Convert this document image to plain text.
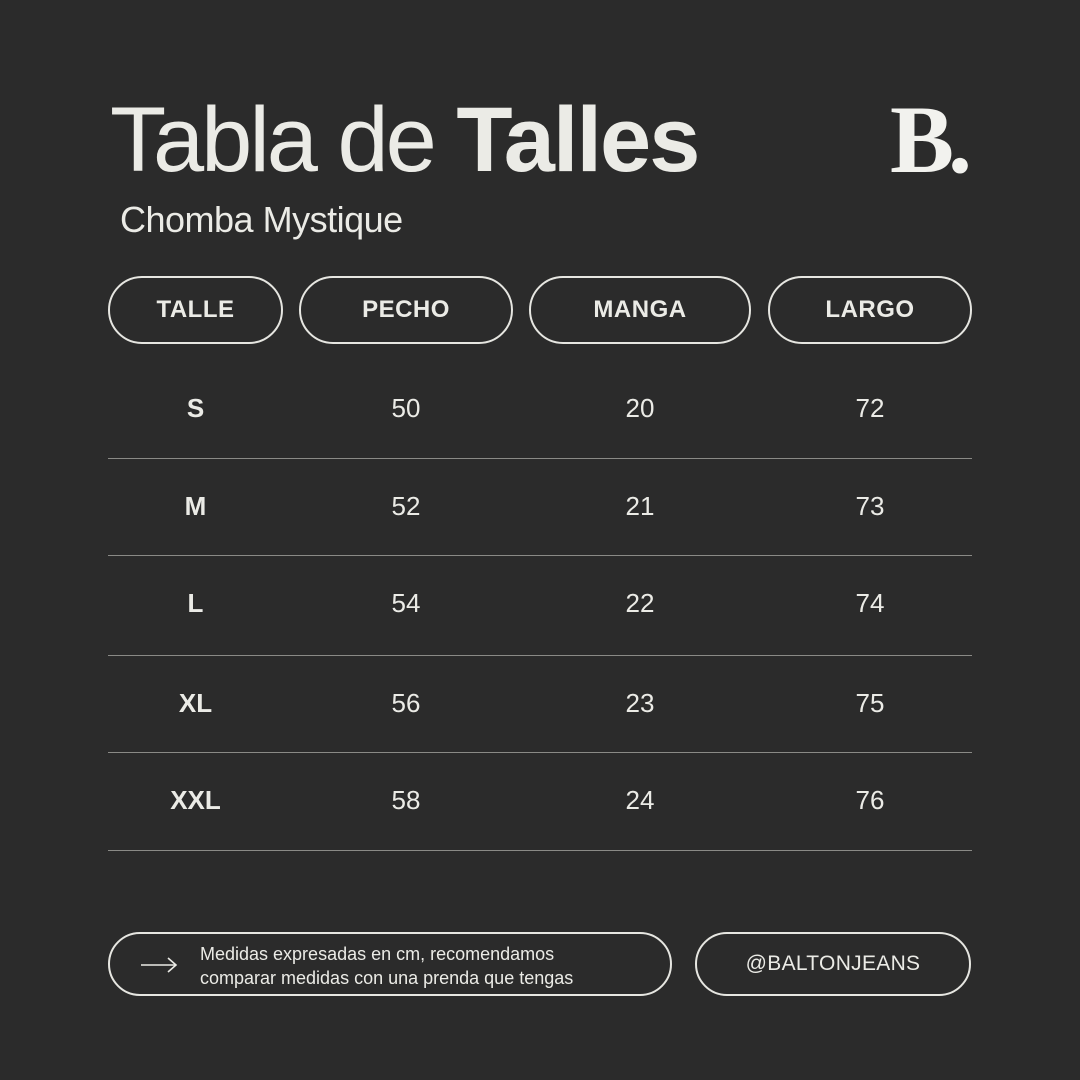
Tabla de Talles
Chomba Mystique
B.
TALLE	PECHO	MANGA	LARGO
S	50	20	72
M	52	21	73
L	54	22	74
XL	56	23	75
XXL	58	24	76
Medidas expresadas en cm, recomendamos
comparar medidas con una prenda que tengas
@BALTONJEANS
